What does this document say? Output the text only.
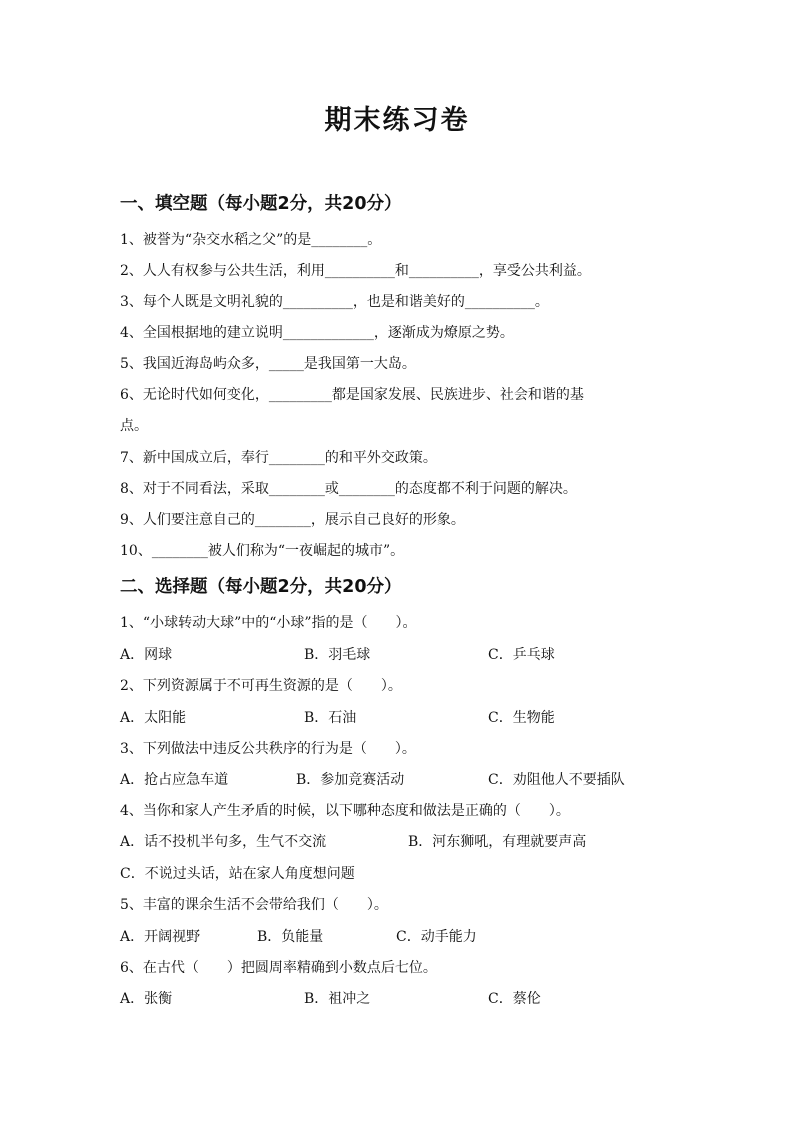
期末练习卷
一、填空题（每小题2分，共20分）
1、被誉为“杂交水稻之父”的是________。
2、人人有权参与公共生活，利用__________和__________，享受公共利益。
3、每个人既是文明礼貌的__________，也是和谐美好的__________。
4、全国根据地的建立说明_____________，逐渐成为燎原之势。
5、我国近海岛屿众多，_____是我国第一大岛。
6、无论时代如何变化，_________都是国家发展、民族进步、社会和谐的基
点。
7、新中国成立后，奉行________的和平外交政策。
8、对于不同看法，采取________或________的态度都不利于问题的解决。
9、人们要注意自己的________，展示自己良好的形象。
10、________被人们称为“一夜崛起的城市”。
二、选择题（每小题2分，共20分）
1、“小球转动大球”中的“小球”指的是（　　）。
A．网球	B．羽毛球	C．乒乓球
2、下列资源属于不可再生资源的是（　　）。
A．太阳能	B．石油	C．生物能
3、下列做法中违反公共秩序的行为是（　　）。
A．抢占应急车道	B．参加竞赛活动	C．劝阻他人不要插队
4、当你和家人产生矛盾的时候，以下哪种态度和做法是正确的（　　）。
A．话不投机半句多，生气不交流	B．河东狮吼，有理就要声高
C．不说过头话，站在家人角度想问题
5、丰富的课余生活不会带给我们（　　）。
A．开阔视野	B．负能量	C．动手能力
6、在古代（　　）把圆周率精确到小数点后七位。
A．张衡	B．祖冲之	C．蔡伦
